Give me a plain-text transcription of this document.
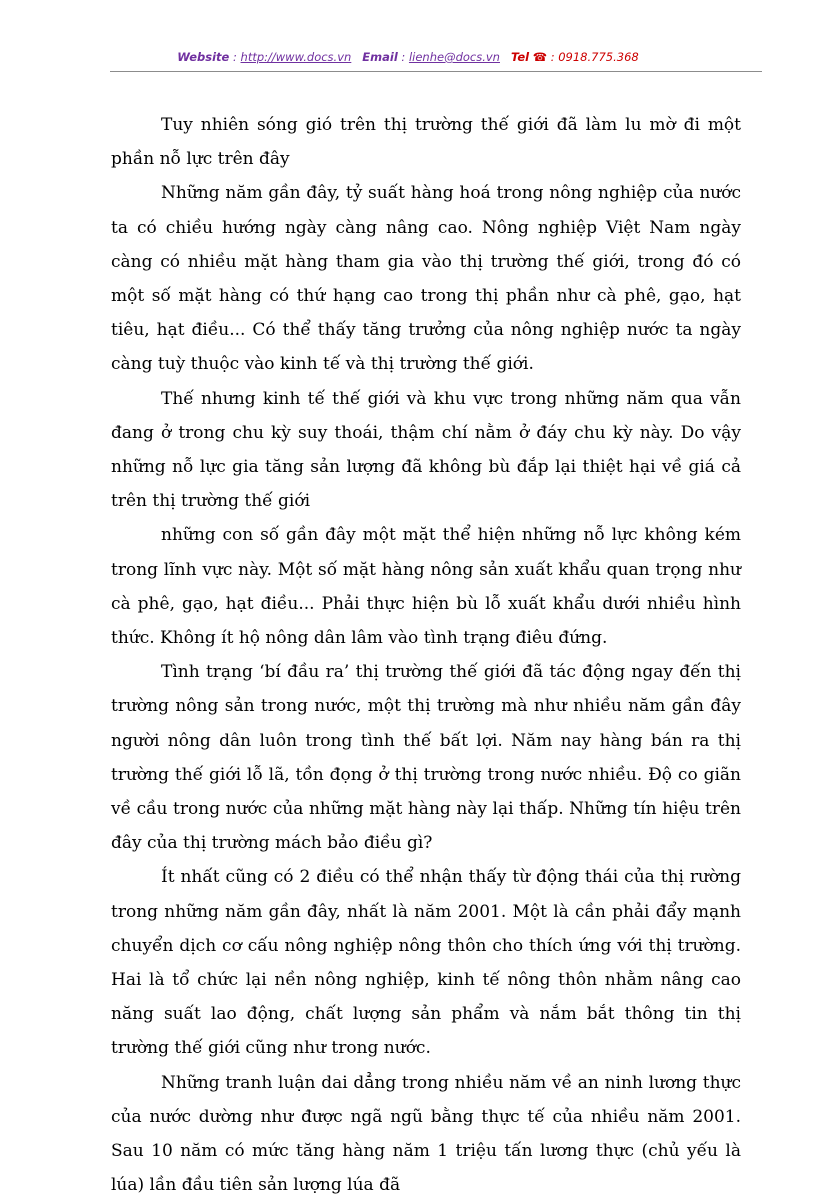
Website : http://www.docs.vn Email : lienhe@docs.vn Tel ☎ : 0918.775.368

Tuy nhiên sóng gió trên thị trường thế giới đã làm lu mờ đi một phần nỗ lực trên đây

Những năm gần đây, tỷ suất hàng hoá trong nông nghiệp của nước ta có chiều hướng ngày càng nâng cao. Nông nghiệp Việt Nam ngày càng có nhiều mặt hàng tham gia vào thị trường thế giới, trong đó có một số mặt hàng có thứ hạng cao trong thị phần như cà phê, gạo, hạt tiêu, hạt điều... Có thể thấy tăng trưởng của nông nghiệp nước ta ngày càng tuỳ thuộc vào kinh tế và thị trường thế giới.

Thế nhưng kinh tế thế giới và khu vực trong những năm qua vẫn đang ở trong chu kỳ suy thoái, thậm chí nằm ở đáy chu kỳ này. Do vậy những nỗ lực gia tăng sản lượng đã không bù đắp lại thiệt hại về giá cả trên thị trường thế giới

những con số gần đây một mặt thể hiện những nỗ lực không kém trong lĩnh vực này. Một số mặt hàng nông sản xuất khẩu quan trọng như cà phê, gạo, hạt điều... Phải thực hiện bù lỗ xuất khẩu dưới nhiều hình thức. Không ít hộ nông dân lâm vào tình trạng điêu đứng.

Tình trạng ‘bí đầu ra’ thị trường thế giới đã tác động ngay đến thị trường nông sản trong nước, một thị trường mà như nhiều năm gần đây người nông dân luôn trong tình thế bất lợi. Năm nay hàng bán ra thị trường thế giới lỗ lã, tồn đọng ở thị trường trong nước nhiều. Độ co giãn về cầu trong nước của những mặt hàng này lại thấp. Những tín hiệu trên đây của thị trường mách bảo điều gì?

Ít nhất cũng có 2 điều có thể nhận thấy từ động thái của thị rường trong những năm gần đây, nhất là năm 2001. Một là cần phải đẩy mạnh chuyển dịch cơ cấu nông nghiệp nông thôn cho thích ứng với thị trường. Hai là tổ chức lại nền nông nghiệp, kinh tế nông thôn nhằm nâng cao năng suất lao động, chất lượng sản phẩm và nắm bắt thông tin thị trường thế giới cũng như trong nước.

Những tranh luận dai dẳng trong nhiều năm về an ninh lương thực của nước dường như được ngã ngũ bằng thực tế của nhiều năm 2001. Sau 10 năm có mức tăng hàng năm 1 triệu tấn lương thực (chủ yếu là lúa) lần đầu tiên sản lượng lúa đã
